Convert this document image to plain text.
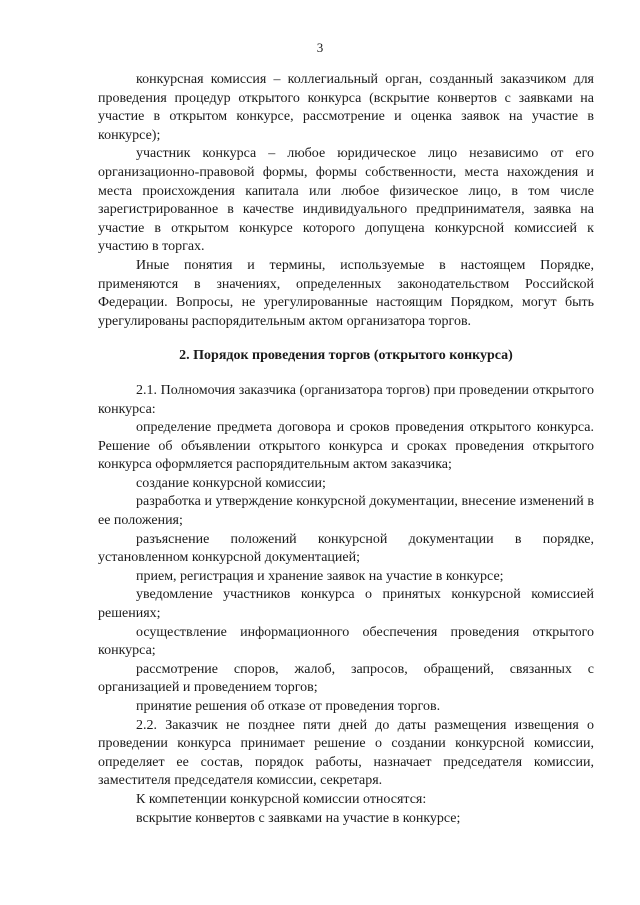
3

конкурсная комиссия – коллегиальный орган, созданный заказчиком для проведения процедур открытого конкурса (вскрытие конвертов с заявками на участие в открытом конкурсе, рассмотрение и оценка заявок на участие в конкурсе);

участник конкурса – любое юридическое лицо независимо от его организационно-правовой формы, формы собственности, места нахождения и места происхождения капитала или любое физическое лицо, в том числе зарегистрированное в качестве индивидуального предпринимателя, заявка на участие в открытом конкурсе которого допущена конкурсной комиссией к участию в торгах.

Иные понятия и термины, используемые в настоящем Порядке, применяются в значениях, определенных законодательством Российской Федерации. Вопросы, не урегулированные настоящим Порядком, могут быть урегулированы распорядительным актом организатора торгов.

2. Порядок проведения торгов (открытого конкурса)

2.1. Полномочия заказчика (организатора торгов) при проведении открытого конкурса:

определение предмета договора и сроков проведения открытого конкурса. Решение об объявлении открытого конкурса и сроках проведения открытого конкурса оформляется распорядительным актом заказчика;

создание конкурсной комиссии;

разработка и утверждение конкурсной документации, внесение изменений в ее положения;

разъяснение положений конкурсной документации в порядке, установленном конкурсной документацией;

прием, регистрация и хранение заявок на участие в конкурсе;

уведомление участников конкурса о принятых конкурсной комиссией решениях;

осуществление информационного обеспечения проведения открытого конкурса;

рассмотрение споров, жалоб, запросов, обращений, связанных с организацией и проведением торгов;

принятие решения об отказе от проведения торгов.

2.2. Заказчик не позднее пяти дней до даты размещения извещения о проведении конкурса принимает решение о создании конкурсной комиссии, определяет ее состав, порядок работы, назначает председателя комиссии, заместителя председателя комиссии, секретаря.

К компетенции конкурсной комиссии относятся:

вскрытие конвертов с заявками на участие в конкурсе;
